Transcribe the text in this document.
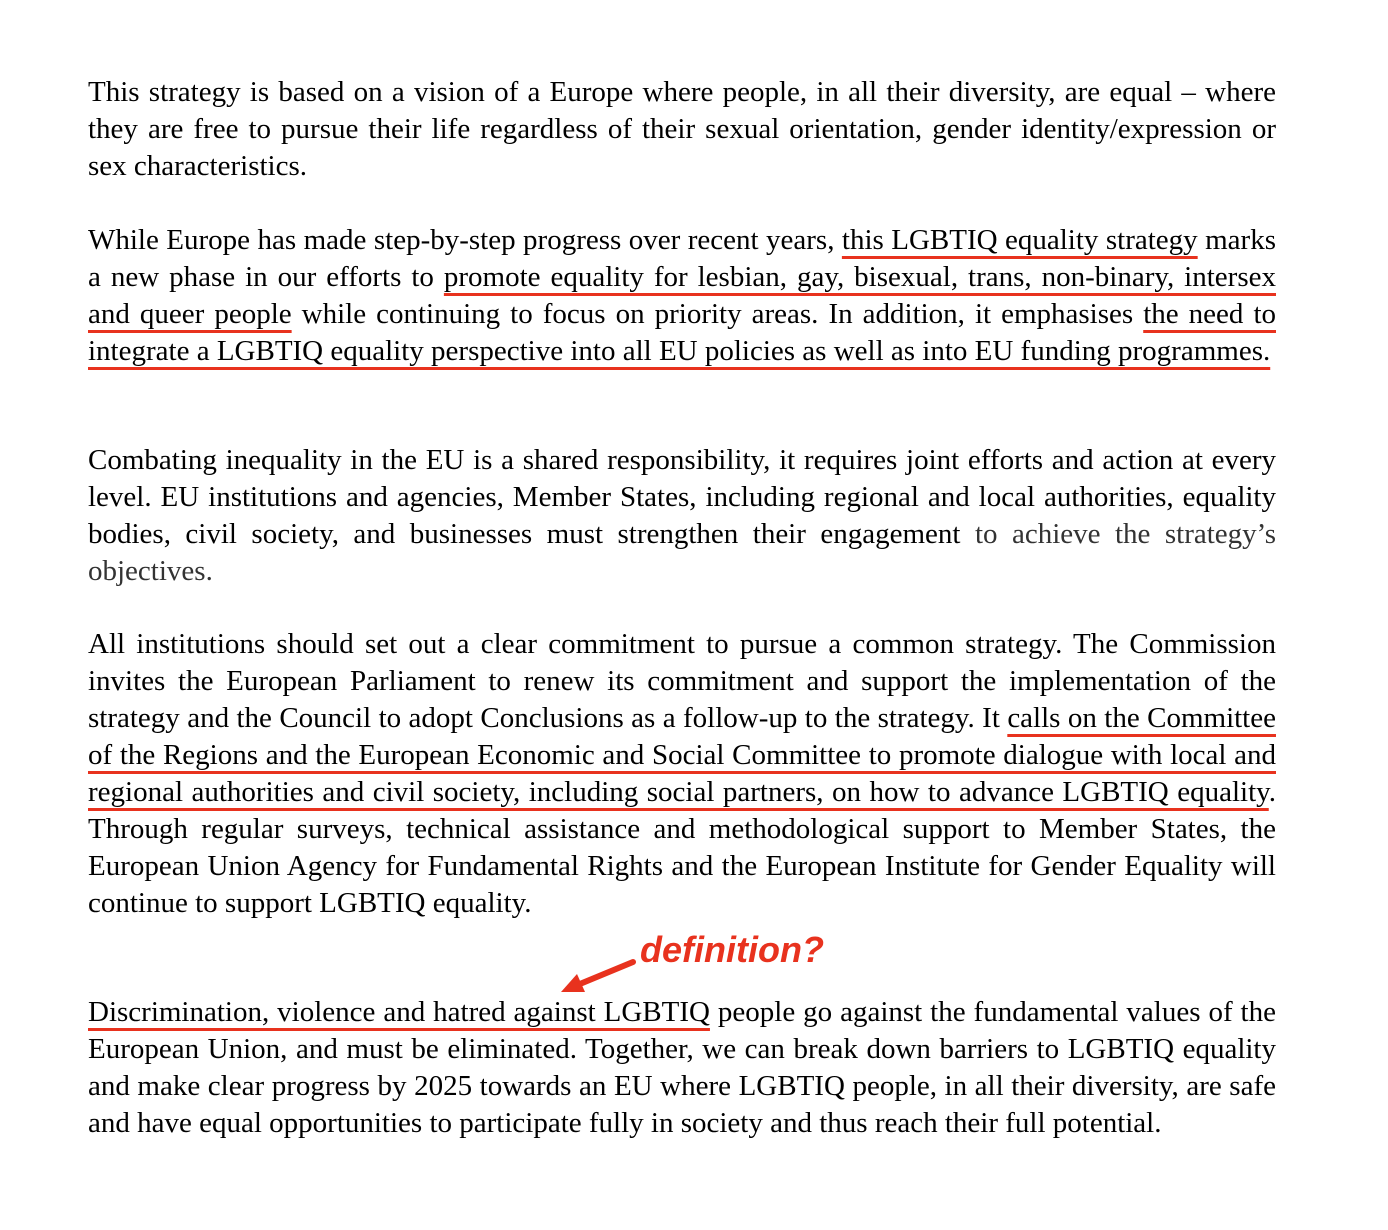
This strategy is based on a vision of a Europe where people, in all their diversity, are equal – where they are free to pursue their life regardless of their sexual orientation, gender identity/expression or sex characteristics.

While Europe has made step-by-step progress over recent years, this LGBTIQ equality strategy marks a new phase in our efforts to promote equality for lesbian, gay, bisexual, trans, non-binary, intersex and queer people while continuing to focus on priority areas. In addition, it emphasises the need to integrate a LGBTIQ equality perspective into all EU policies as well as into EU funding programmes.

Combating inequality in the EU is a shared responsibility, it requires joint efforts and action at every level. EU institutions and agencies, Member States, including regional and local authorities, equality bodies, civil society, and businesses must strengthen their engagement to achieve the strategy’s objectives.

All institutions should set out a clear commitment to pursue a common strategy. The Commission invites the European Parliament to renew its commitment and support the implementation of the strategy and the Council to adopt Conclusions as a follow-up to the strategy. It calls on the Committee of the Regions and the European Economic and Social Committee to promote dialogue with local and regional authorities and civil society, including social partners, on how to advance LGBTIQ equality. Through regular surveys, technical assistance and methodological support to Member States, the European Union Agency for Fundamental Rights and the European Institute for Gender Equality will continue to support LGBTIQ equality.

definition?

Discrimination, violence and hatred against LGBTIQ people go against the fundamental values of the European Union, and must be eliminated. Together, we can break down barriers to LGBTIQ equality and make clear progress by 2025 towards an EU where LGBTIQ people, in all their diversity, are safe and have equal opportunities to participate fully in society and thus reach their full potential.
